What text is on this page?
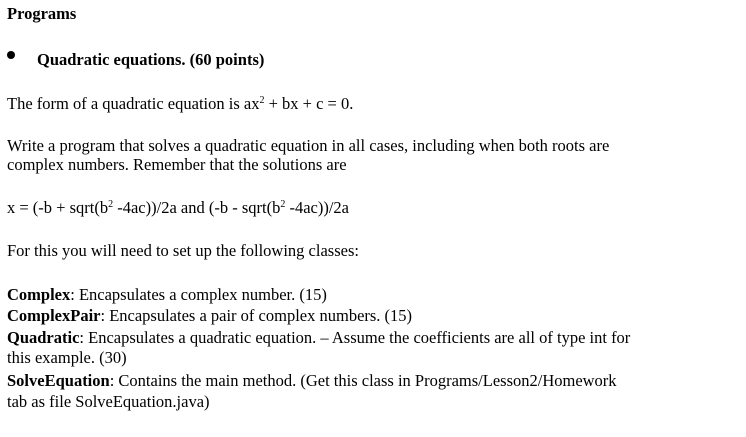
Programs
Quadratic equations. (60 points)
The form of a quadratic equation is $ax^2$ + bx + c = 0.
Write a program that solves a quadratic equation in all cases, including when both roots are
complex numbers. Remember that the solutions are
$x = (-b + sqrt(b^2$ -4ac))/2a and ($-b - sqrt(b^2$ -4ac))/2a
For this you will need to set up the following classes:
Complex: Encapsulates a complex number. (15)
ComplexPair: Encapsulates a pair of complex numbers. (15)
Quadratic: Encapsulates a quadratic equation. – Assume the coefficients are all of type int for
this example. (30)
SolveEquation: Contains the main method. (Get this class in Programs/Lesson2/Homework
tab as file SolveEquation.java)
